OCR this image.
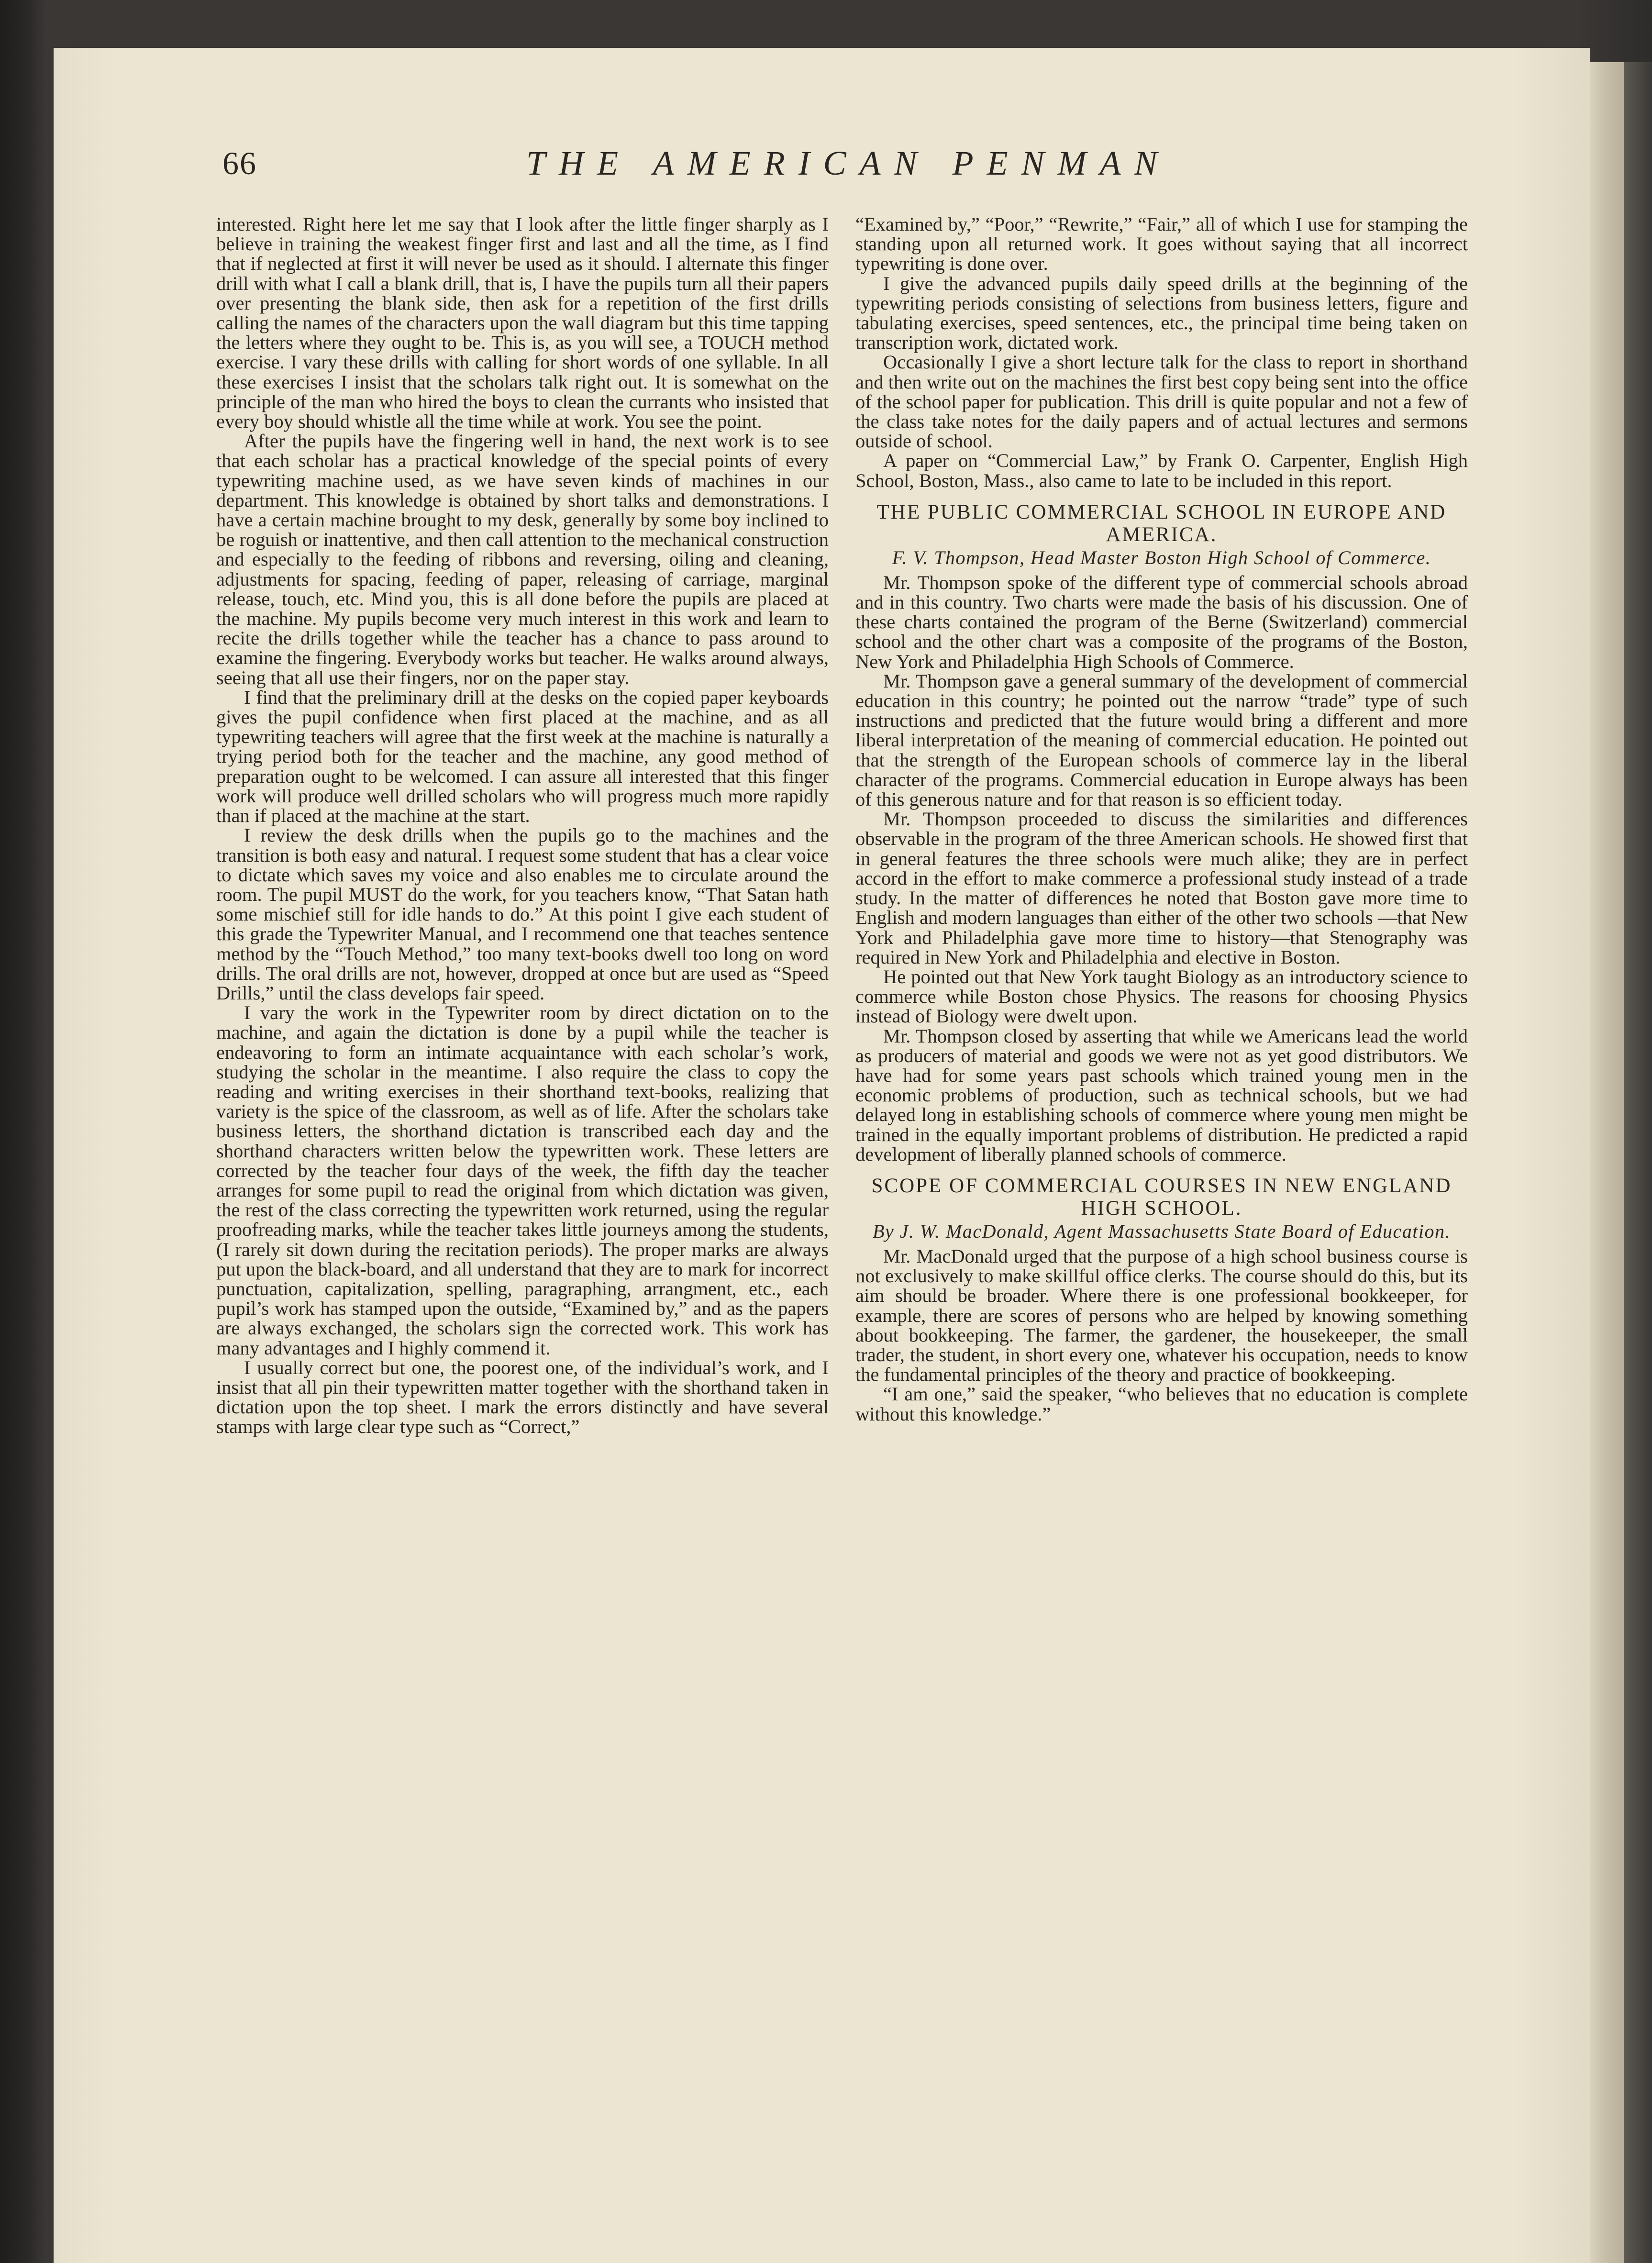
66	THE AMERICAN PENMAN

interested. Right here let me say that I look after the little finger sharply as I believe in training the weakest finger first and last and all the time, as I find that if neglected at first it will never be used as it should. I alternate this finger drill with what I call a blank drill, that is, I have the pupils turn all their papers over presenting the blank side, then ask for a repetition of the first drills calling the names of the characters upon the wall diagram but this time tapping the letters where they ought to be. This is, as you will see, a TOUCH method exercise. I vary these drills with calling for short words of one syllable. In all these exercises I insist that the scholars talk right out. It is somewhat on the principle of the man who hired the boys to clean the currants who insisted that every boy should whistle all the time while at work. You see the point.

After the pupils have the fingering well in hand, the next work is to see that each scholar has a practical knowledge of the special points of every typewriting machine used, as we have seven kinds of machines in our department. This knowledge is obtained by short talks and demonstrations. I have a certain machine brought to my desk, generally by some boy inclined to be roguish or inattentive, and then call attention to the mechanical construction and especially to the feeding of ribbons and reversing, oiling and cleaning, adjustments for spacing, feeding of paper, releasing of carriage, marginal release, touch, etc. Mind you, this is all done before the pupils are placed at the machine. My pupils become very much interest in this work and learn to recite the drills together while the teacher has a chance to pass around to examine the fingering. Everybody works but teacher. He walks around always, seeing that all use their fingers, nor on the paper stay.

I find that the preliminary drill at the desks on the copied paper keyboards gives the pupil confidence when first placed at the machine, and as all typewriting teachers will agree that the first week at the machine is naturally a trying period both for the teacher and the machine, any good method of preparation ought to be welcomed. I can assure all interested that this finger work will produce well drilled scholars who will progress much more rapidly than if placed at the machine at the start.

I review the desk drills when the pupils go to the machines and the transition is both easy and natural. I request some student that has a clear voice to dictate which saves my voice and also enables me to circulate around the room. The pupil MUST do the work, for you teachers know, “That Satan hath some mischief still for idle hands to do.” At this point I give each student of this grade the Typewriter Manual, and I recommend one that teaches sentence method by the “Touch Method,” too many text-books dwell too long on word drills. The oral drills are not, however, dropped at once but are used as “Speed Drills,” until the class develops fair speed.

I vary the work in the Typewriter room by direct dictation on to the machine, and again the dictation is done by a pupil while the teacher is endeavoring to form an intimate acquaintance with each scholar’s work, studying the scholar in the meantime. I also require the class to copy the reading and writing exercises in their shorthand text-books, realizing that variety is the spice of the classroom, as well as of life. After the scholars take business letters, the shorthand dictation is transcribed each day and the shorthand characters written below the typewritten work. These letters are corrected by the teacher four days of the week, the fifth day the teacher arranges for some pupil to read the original from which dictation was given, the rest of the class correcting the typewritten work returned, using the regular proofreading marks, while the teacher takes little journeys among the students, (I rarely sit down during the recitation periods). The proper marks are always put upon the black-board, and all understand that they are to mark for incorrect punctuation, capitalization, spelling, paragraphing, arrangment, etc., each pupil’s work has stamped upon the outside, “Examined by,” and as the papers are always exchanged, the scholars sign the corrected work. This work has many advantages and I highly commend it.

I usually correct but one, the poorest one, of the individual’s work, and I insist that all pin their typewritten matter together with the shorthand taken in dictation upon the top sheet. I mark the errors distinctly and have several stamps with large clear type such as “Correct,”

“Examined by,” “Poor,” “Rewrite,” “Fair,” all of which I use for stamping the standing upon all returned work. It goes without saying that all incorrect typewriting is done over.

I give the advanced pupils daily speed drills at the beginning of the typewriting periods consisting of selections from business letters, figure and tabulating exercises, speed sentences, etc., the principal time being taken on transcription work, dictated work.

Occasionally I give a short lecture talk for the class to report in shorthand and then write out on the machines the first best copy being sent into the office of the school paper for publication. This drill is quite popular and not a few of the class take notes for the daily papers and of actual lectures and sermons outside of school.

A paper on “Commercial Law,” by Frank O. Carpenter, English High School, Boston, Mass., also came to late to be included in this report.

THE PUBLIC COMMERCIAL SCHOOL IN EUROPE AND AMERICA.
F. V. Thompson, Head Master Boston High School of Commerce.

Mr. Thompson spoke of the different type of commercial schools abroad and in this country. Two charts were made the basis of his discussion. One of these charts contained the program of the Berne (Switzerland) commercial school and the other chart was a composite of the programs of the Boston, New York and Philadelphia High Schools of Commerce.

Mr. Thompson gave a general summary of the development of commercial education in this country; he pointed out the narrow “trade” type of such instructions and predicted that the future would bring a different and more liberal interpretation of the meaning of commercial education. He pointed out that the strength of the European schools of commerce lay in the liberal character of the programs. Commercial education in Europe always has been of this generous nature and for that reason is so efficient today.

Mr. Thompson proceeded to discuss the similarities and differences observable in the program of the three American schools. He showed first that in general features the three schools were much alike; they are in perfect accord in the effort to make commerce a professional study instead of a trade study. In the matter of differences he noted that Boston gave more time to English and modern languages than either of the other two schools —that New York and Philadelphia gave more time to history—that Stenography was required in New York and Philadelphia and elective in Boston.

He pointed out that New York taught Biology as an introductory science to commerce while Boston chose Physics. The reasons for choosing Physics instead of Biology were dwelt upon.

Mr. Thompson closed by asserting that while we Americans lead the world as producers of material and goods we were not as yet good distributors. We have had for some years past schools which trained young men in the economic problems of production, such as technical schools, but we had delayed long in establishing schools of commerce where young men might be trained in the equally important problems of distribution. He predicted a rapid development of liberally planned schools of commerce.

SCOPE OF COMMERCIAL COURSES IN NEW ENGLAND HIGH SCHOOL.
By J. W. MacDonald, Agent Massachusetts State Board of Education.

Mr. MacDonald urged that the purpose of a high school business course is not exclusively to make skillful office clerks. The course should do this, but its aim should be broader. Where there is one professional bookkeeper, for example, there are scores of persons who are helped by knowing something about bookkeeping. The farmer, the gardener, the housekeeper, the small trader, the student, in short every one, whatever his occupation, needs to know the fundamental principles of the theory and practice of bookkeeping.

“I am one,” said the speaker, “who believes that no education is complete without this knowledge.”
